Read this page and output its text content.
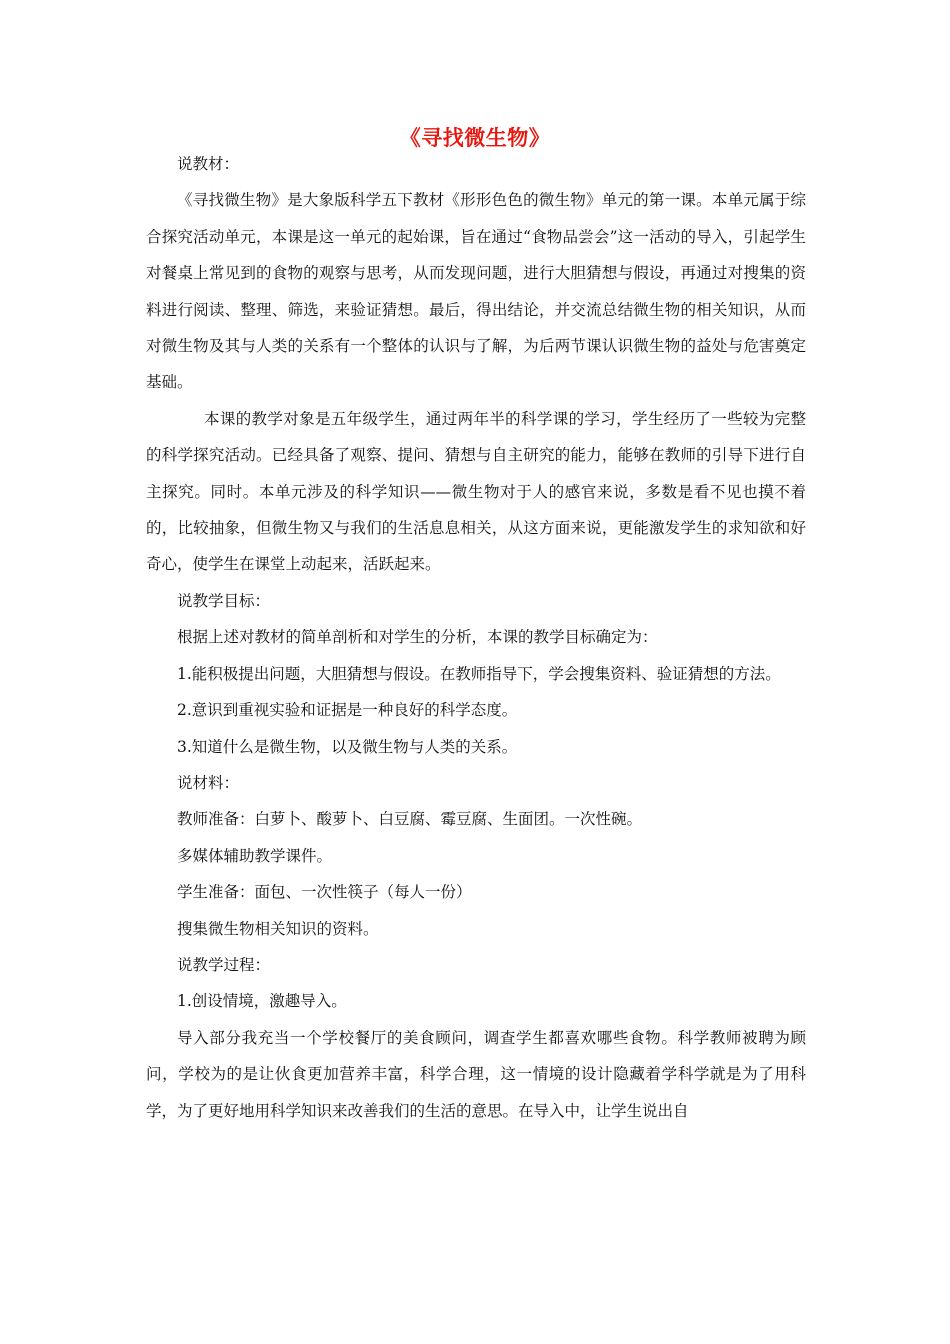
《寻找微生物》

说教材：

《寻找微生物》是大象版科学五下教材《形形色色的微生物》单元的第一课。本单元属于综合探究活动单元，本课是这一单元的起始课，旨在通过“食物品尝会”这一活动的导入，引起学生对餐桌上常见到的食物的观察与思考，从而发现问题，进行大胆猜想与假设，再通过对搜集的资料进行阅读、整理、筛选，来验证猜想。最后，得出结论，并交流总结微生物的相关知识，从而对微生物及其与人类的关系有一个整体的认识与了解，为后两节课认识微生物的益处与危害奠定基础。

本课的教学对象是五年级学生，通过两年半的科学课的学习，学生经历了一些较为完整的科学探究活动。已经具备了观察、提问、猜想与自主研究的能力，能够在教师的引导下进行自主探究。同时。本单元涉及的科学知识——微生物对于人的感官来说，多数是看不见也摸不着的，比较抽象，但微生物又与我们的生活息息相关，从这方面来说，更能激发学生的求知欲和好奇心，使学生在课堂上动起来，活跃起来。

说教学目标：

根据上述对教材的简单剖析和对学生的分析，本课的教学目标确定为：

1.能积极提出问题，大胆猜想与假设。在教师指导下，学会搜集资料、验证猜想的方法。

2.意识到重视实验和证据是一种良好的科学态度。

3.知道什么是微生物，以及微生物与人类的关系。

说材料：

教师准备：白萝卜、酸萝卜、白豆腐、霉豆腐、生面团。一次性碗。

多媒体辅助教学课件。

学生准备：面包、一次性筷子（每人一份）

搜集微生物相关知识的资料。

说教学过程：

1.创设情境，激趣导入。

导入部分我充当一个学校餐厅的美食顾问，调查学生都喜欢哪些食物。科学教师被聘为顾问，学校为的是让伙食更加营养丰富，科学合理，这一情境的设计隐藏着学科学就是为了用科学，为了更好地用科学知识来改善我们的生活的意思。在导入中，让学生说出自
